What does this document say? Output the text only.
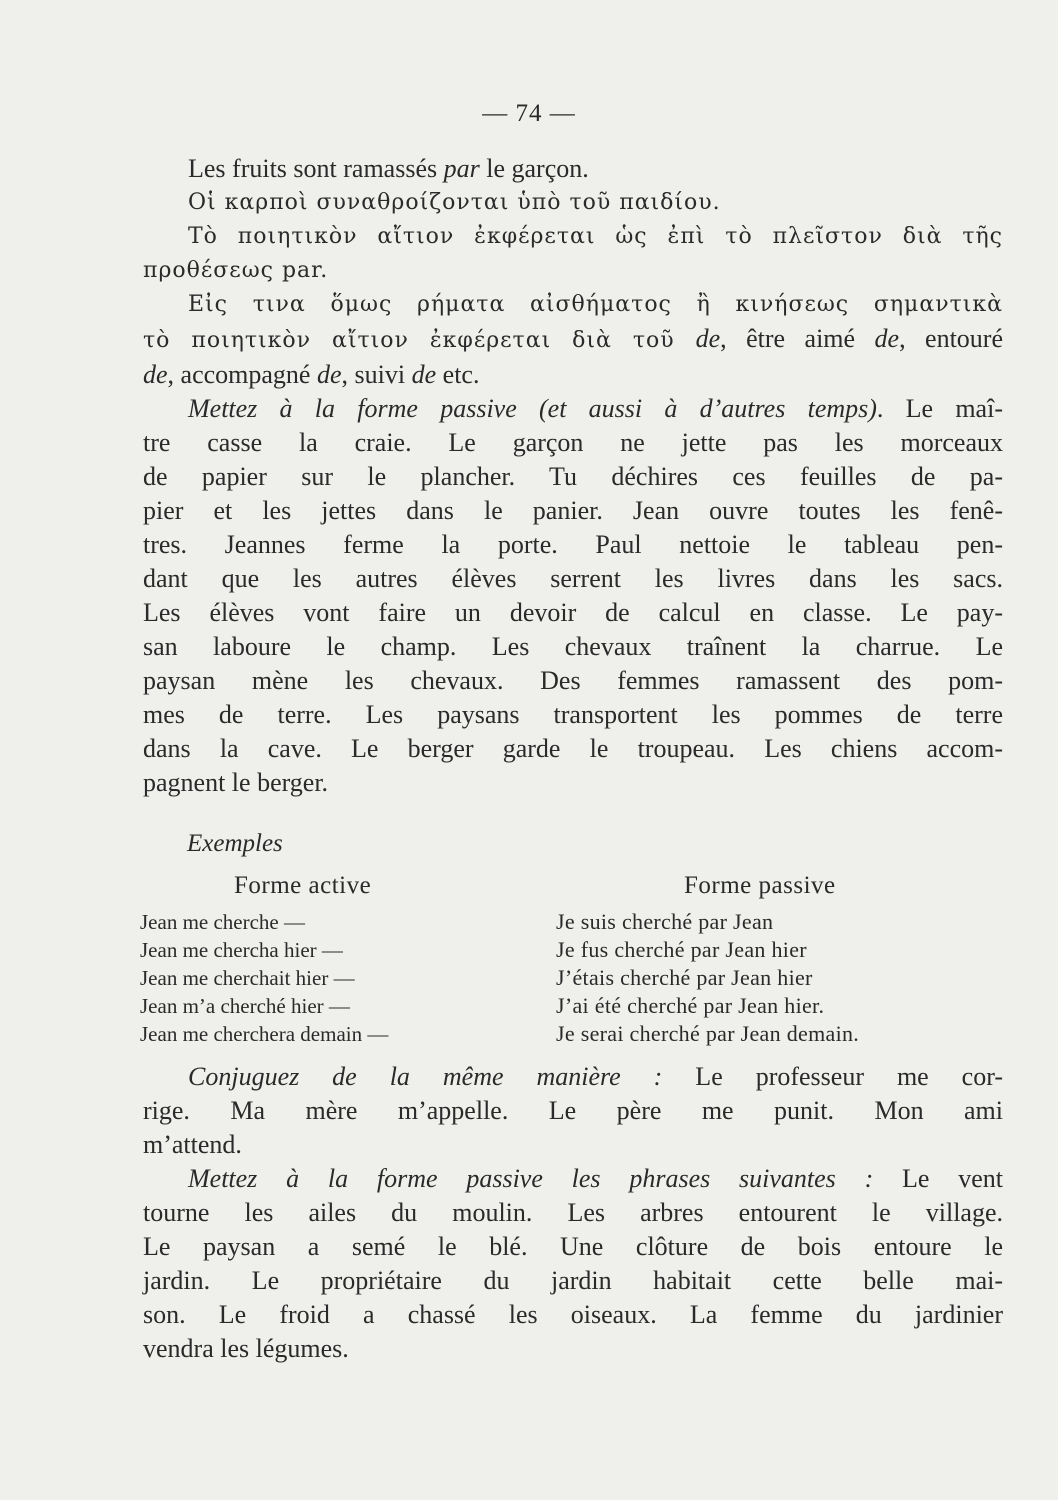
— 74 —
Les fruits sont ramassés par le garçon.
Οἱ καρποὶ συναθροίζονται ὑπὸ τοῦ παιδίου.
Τὸ ποιητικὸν αἴτιον ἐκφέρεται ὡς ἐπὶ τὸ πλεῖστον διὰ τῆς
προθέσεως par.
Εἰς τινα ὅμως ρήματα αἰσθήματος ἢ κινήσεως σημαντικὰ
τὸ ποιητικὸν αἴτιον ἐκφέρεται διὰ τοῦ de, être aimé de, entouré
de, accompagné de, suivi de etc.
Mettez à la forme passive (et aussi à d’autres temps). Le maî-
tre casse la craie. Le garçon ne jette pas les morceaux
de papier sur le plancher. Tu déchires ces feuilles de pa-
pier et les jettes dans le panier. Jean ouvre toutes les fenê-
tres. Jeannes ferme la porte. Paul nettoie le tableau pen-
dant que les autres élèves serrent les livres dans les sacs.
Les élèves vont faire un devoir de calcul en classe. Le pay-
san laboure le champ. Les chevaux traînent la charrue. Le
paysan mène les chevaux. Des femmes ramassent des pom-
mes de terre. Les paysans transportent les pommes de terre
dans la cave. Le berger garde le troupeau. Les chiens accom-
pagnent le berger.
Exemples
Forme active	Forme passive
Jean me cherche —
Jean me chercha hier —
Jean me cherchait hier —
Jean m’a cherché hier —
Jean me cherchera demain —
Je suis cherché par Jean
Je fus cherché par Jean hier
J’étais cherché par Jean hier
J’ai été cherché par Jean hier.
Je serai cherché par Jean demain.
Conjuguez de la même manière : Le professeur me cor-
rige. Ma mère m’appelle. Le père me punit. Mon ami
m’attend.
Mettez à la forme passive les phrases suivantes : Le vent
tourne les ailes du moulin. Les arbres entourent le village.
Le paysan a semé le blé. Une clôture de bois entoure le
jardin. Le propriétaire du jardin habitait cette belle mai-
son. Le froid a chassé les oiseaux. La femme du jardinier
vendra les légumes.
